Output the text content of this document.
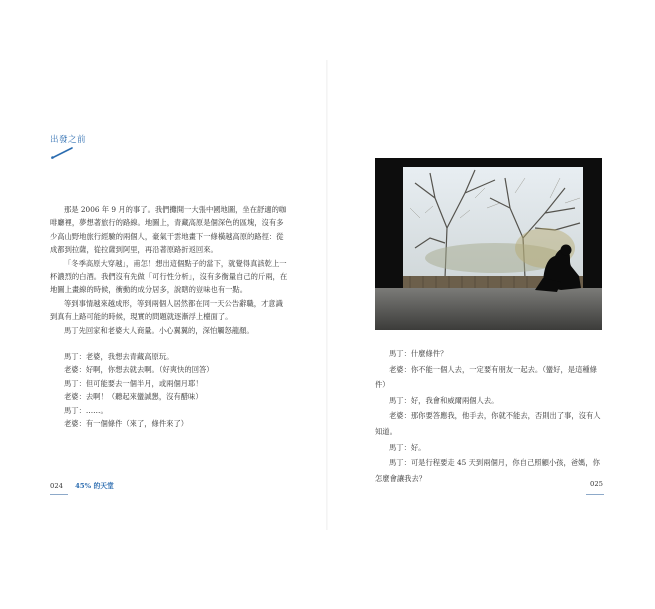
出發之前

那是 2006 年 9 月的事了。我們攤開一大張中國地圖，坐在舒適的咖啡廳裡，夢想著旅行的路線。地圖上，青藏高原是個深色的區塊，沒有多少高山野地旅行經驗的兩個人，豪氣干雲地畫下一條橫越高原的路徑：從成都到拉薩，從拉薩到阿里，再沿著原路折返回來。

「冬季高原大穿越」，甫怎！想出這個點子的當下，就覺得真該乾上一杯濃烈的白酒。我們沒有先做「可行性分析」，沒有多衡量自己的斤兩，在地圖上畫線的時候，衝動的成分居多，說瞎的豈味也有一點。

等到事情越來越成形，等到兩個人居然都在同一天公告辭職，才意識到真有上路可能的時候，現實的問題就逐漸浮上檯面了。

馬丁先回家和老婆大人商量。小心翼翼的，深怕觸怒龍顏。

馬丁：老婆，我想去青藏高原玩。

老婆：好啊，你想去就去啊。（好爽快的回答）

馬丁：但可能要去一個半月，或兩個月耶！

老婆：去啊！（聽起來蠻誠懇，沒有醋味）

馬丁：……。

老婆：有一個條件（來了，條件來了）

馬丁：什麼條件？

老婆：你不能一個人去，一定要有朋友一起去。（蠻好，是這種條件）

馬丁：好，我會和威爾兩個人去。

老婆：那你要答應我，他手去，你就不能去，否則出了事，沒有人知道。

馬丁：好。

馬丁：可是行程要走 45 天到兩個月，你自己照顧小孩，爸媽，你怎麼會讓我去？

024 45% 的天堂	025
